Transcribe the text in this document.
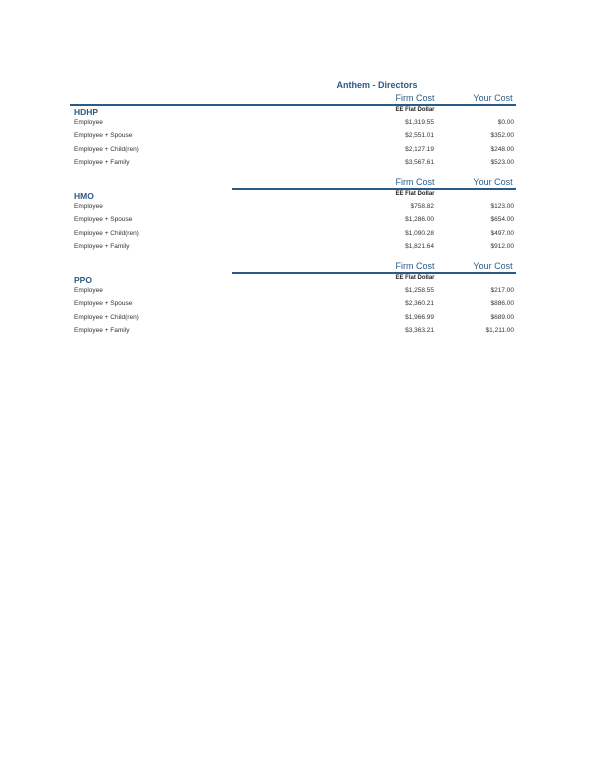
Anthem - Directors
Firm Cost	Your Cost
HDHP	EE Flat Dollar
Employee	$1,319.55	$0.00
Employee + Spouse	$2,551.01	$352.00
Employee + Child(ren)	$2,127.19	$248.00
Employee + Family	$3,567.61	$523.00
Firm Cost	Your Cost
HMO	EE Flat Dollar
Employee	$758.82	$123.00
Employee + Spouse	$1,286.00	$654.00
Employee + Child(ren)	$1,090.28	$497.00
Employee + Family	$1,821.64	$912.00
Firm Cost	Your Cost
PPO	EE Flat Dollar
Employee	$1,258.55	$217.00
Employee + Spouse	$2,360.21	$886.00
Employee + Child(ren)	$1,966.99	$689.00
Employee + Family	$3,363.21	$1,211.00
